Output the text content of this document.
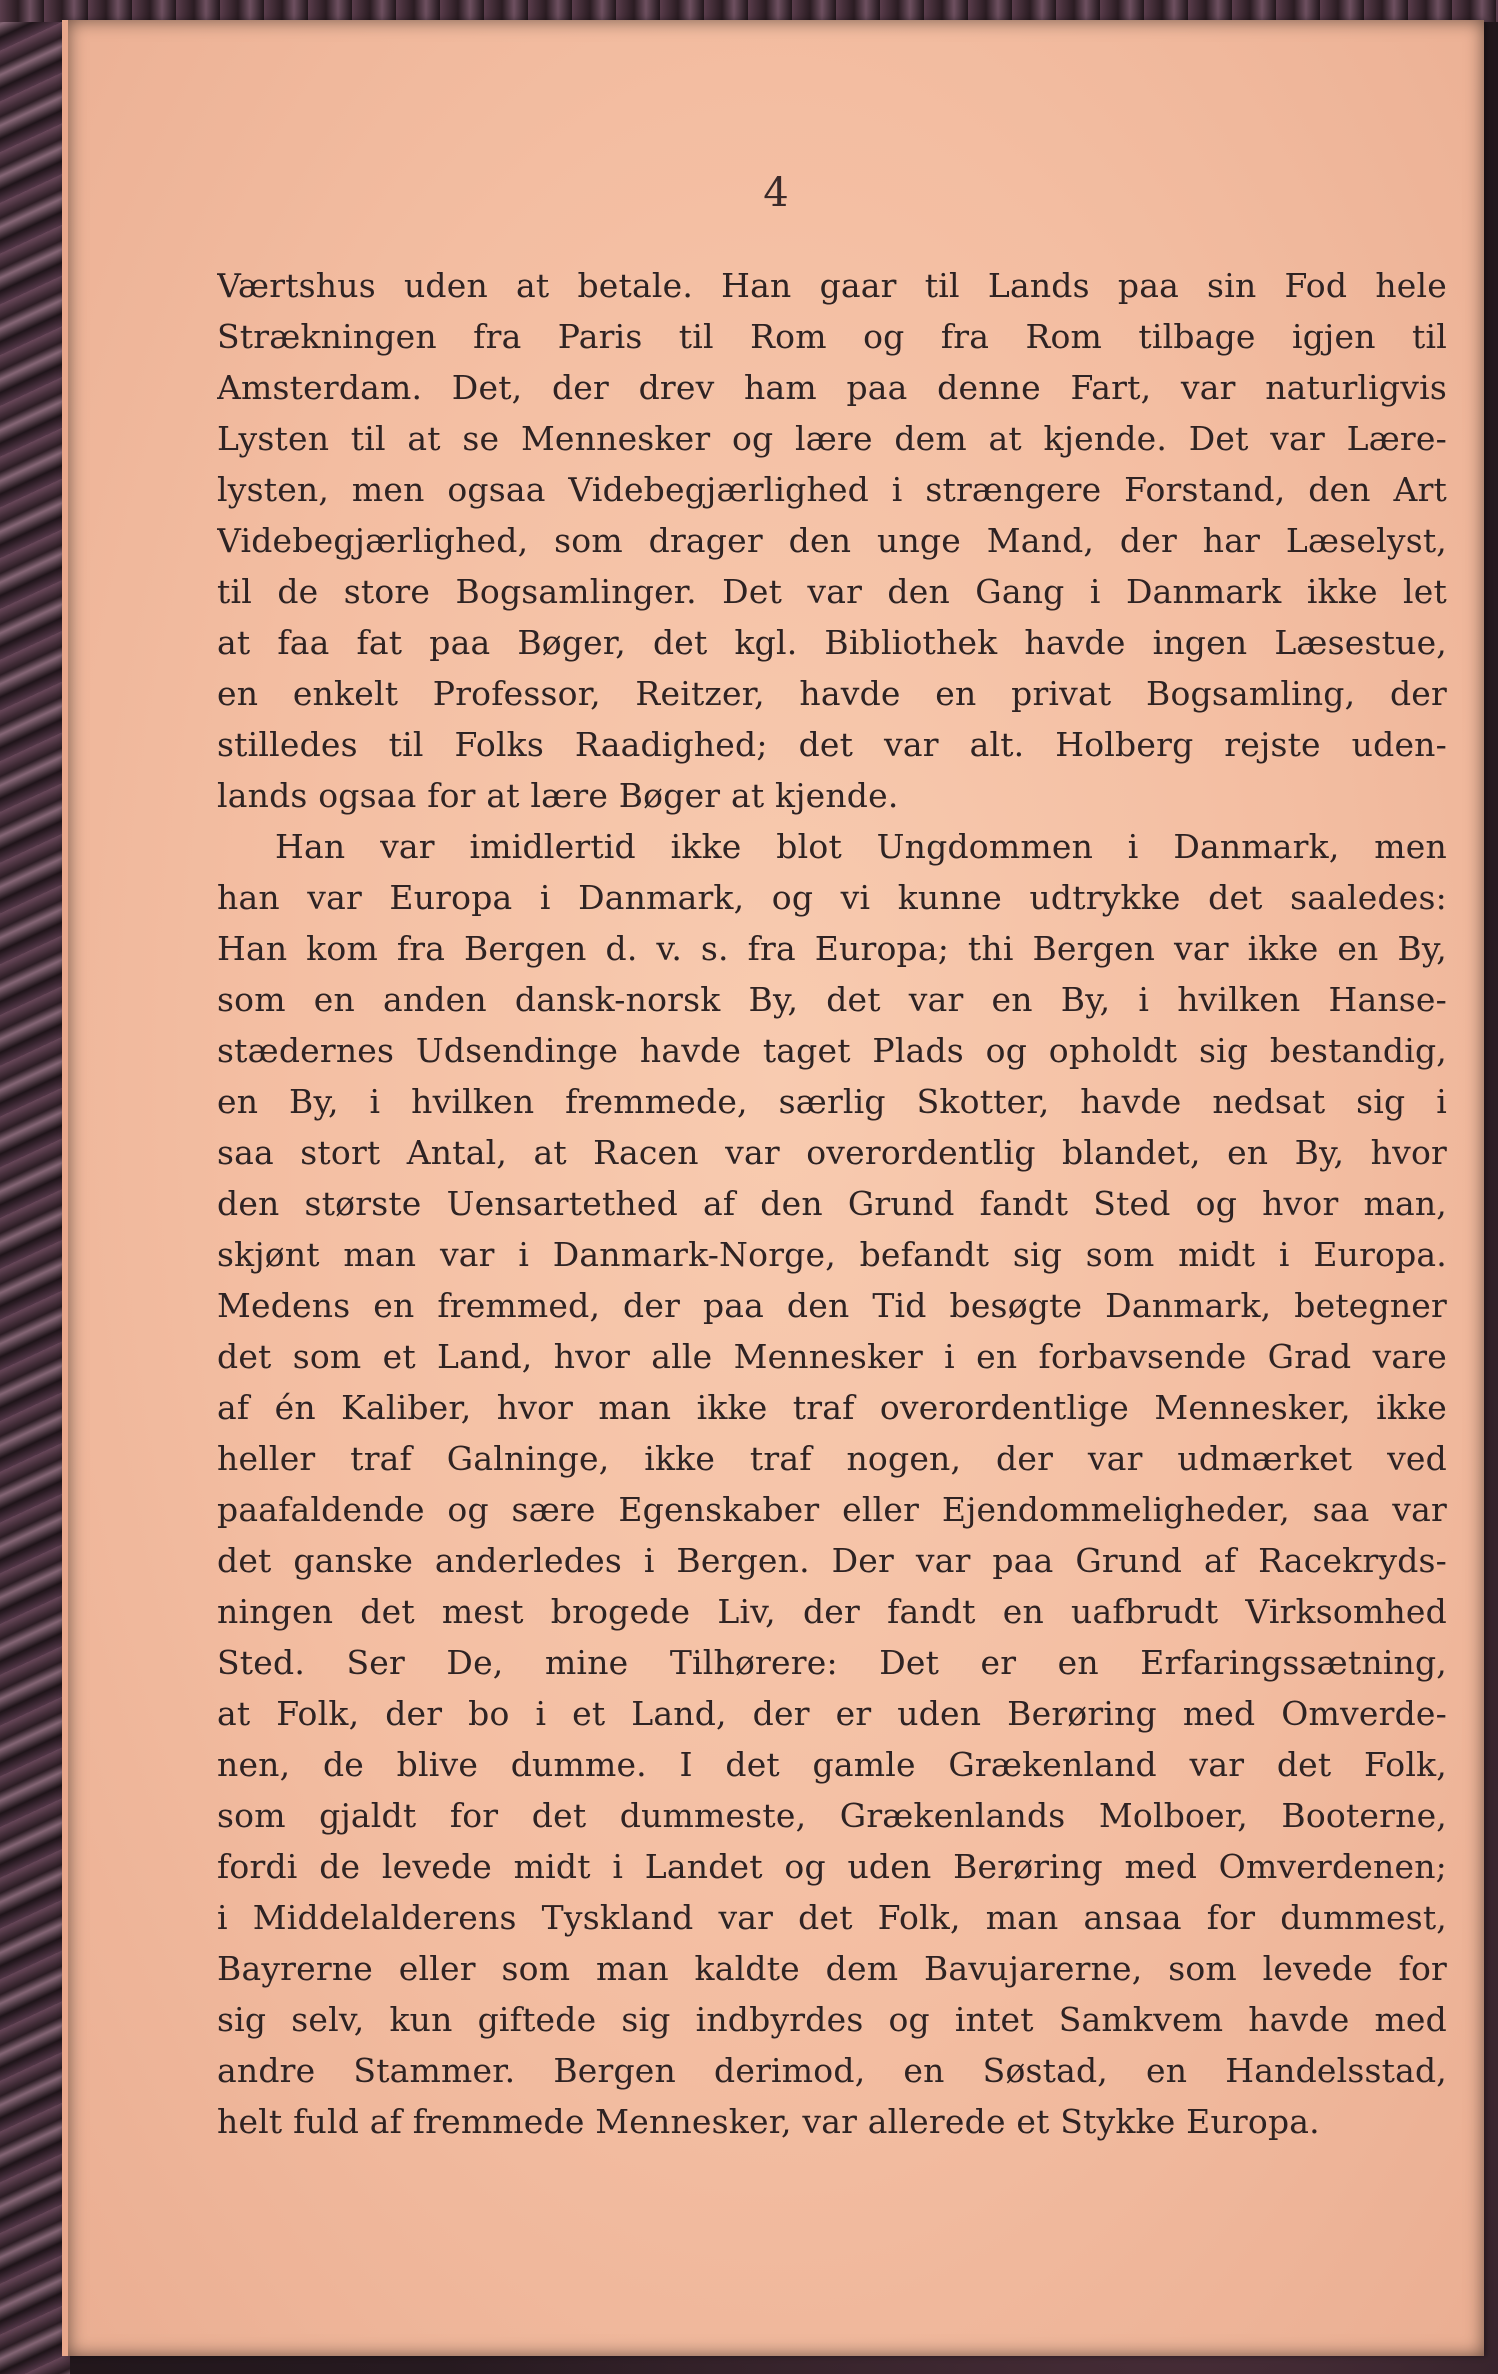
4
Værtshus uden at betale. Han gaar til Lands paa sin Fod hele
Strækningen fra Paris til Rom og fra Rom tilbage igjen til
Amsterdam. Det, der drev ham paa denne Fart, var naturligvis
Lysten til at se Mennesker og lære dem at kjende. Det var Lære-
lysten, men ogsaa Videbegjærlighed i strængere Forstand, den Art
Videbegjærlighed, som drager den unge Mand, der har Læselyst,
til de store Bogsamlinger. Det var den Gang i Danmark ikke let
at faa fat paa Bøger, det kgl. Bibliothek havde ingen Læsestue,
en enkelt Professor, Reitzer, havde en privat Bogsamling, der
stilledes til Folks Raadighed; det var alt. Holberg rejste uden-
lands ogsaa for at lære Bøger at kjende.
Han var imidlertid ikke blot Ungdommen i Danmark, men
han var Europa i Danmark, og vi kunne udtrykke det saaledes:
Han kom fra Bergen d. v. s. fra Europa; thi Bergen var ikke en By,
som en anden dansk-norsk By, det var en By, i hvilken Hanse-
stædernes Udsendinge havde taget Plads og opholdt sig bestandig,
en By, i hvilken fremmede, særlig Skotter, havde nedsat sig i
saa stort Antal, at Racen var overordentlig blandet, en By, hvor
den største Uensartethed af den Grund fandt Sted og hvor man,
skjønt man var i Danmark-Norge, befandt sig som midt i Europa.
Medens en fremmed, der paa den Tid besøgte Danmark, betegner
det som et Land, hvor alle Mennesker i en forbavsende Grad vare
af én Kaliber, hvor man ikke traf overordentlige Mennesker, ikke
heller traf Galninge, ikke traf nogen, der var udmærket ved
paafaldende og sære Egenskaber eller Ejendommeligheder, saa var
det ganske anderledes i Bergen. Der var paa Grund af Racekryds-
ningen det mest brogede Liv, der fandt en uafbrudt Virksomhed
Sted. Ser De, mine Tilhørere: Det er en Erfaringssætning,
at Folk, der bo i et Land, der er uden Berøring med Omverde-
nen, de blive dumme. I det gamle Grækenland var det Folk,
som gjaldt for det dummeste, Grækenlands Molboer, Booterne,
fordi de levede midt i Landet og uden Berøring med Omverdenen;
i Middelalderens Tyskland var det Folk, man ansaa for dummest,
Bayrerne eller som man kaldte dem Bavujarerne, som levede for
sig selv, kun giftede sig indbyrdes og intet Samkvem havde med
andre Stammer. Bergen derimod, en Søstad, en Handelsstad,
helt fuld af fremmede Mennesker, var allerede et Stykke Europa.
